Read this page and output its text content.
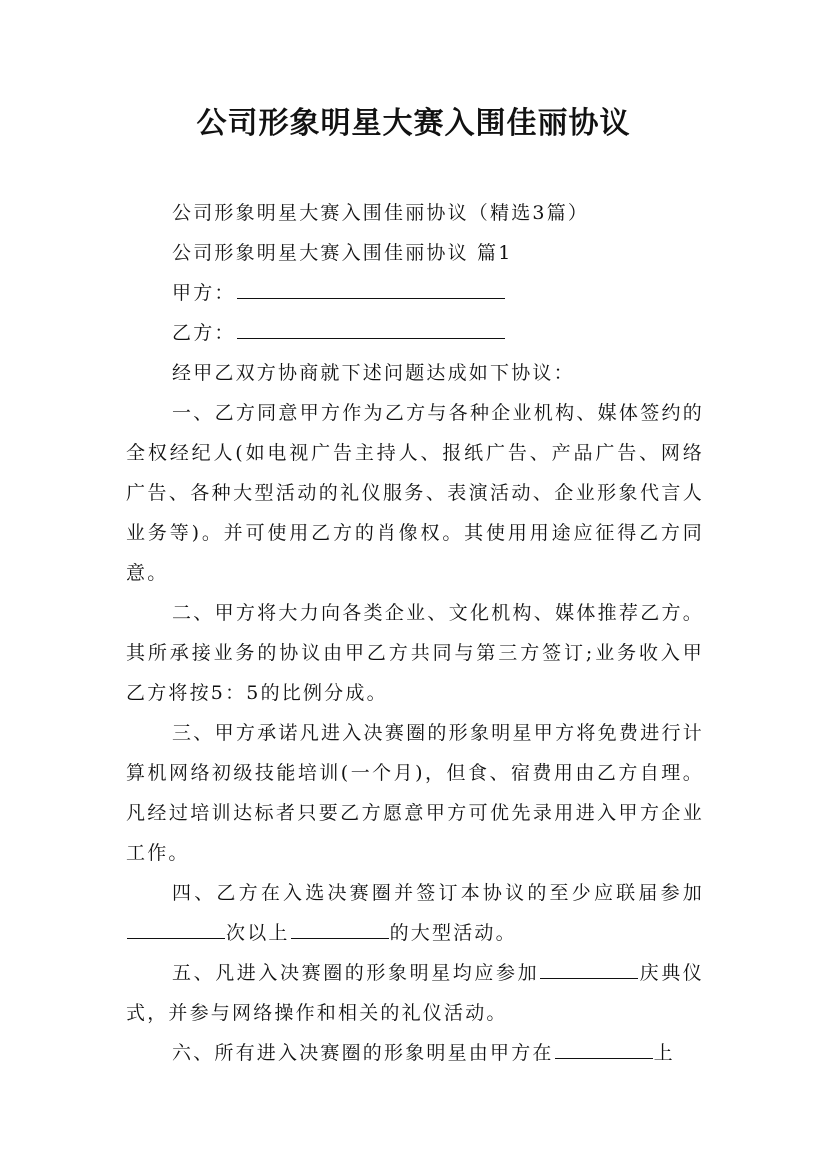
公司形象明星大赛入围佳丽协议

公司形象明星大赛入围佳丽协议（精选3篇）

公司形象明星大赛入围佳丽协议 篇1

甲方：

乙方：

经甲乙双方协商就下述问题达成如下协议：

一、乙方同意甲方作为乙方与各种企业机构、媒体签约的全权经纪人(如电视广告主持人、报纸广告、产品广告、网络广告、各种大型活动的礼仪服务、表演活动、企业形象代言人业务等)。并可使用乙方的肖像权。其使用用途应征得乙方同意。

二、甲方将大力向各类企业、文化机构、媒体推荐乙方。其所承接业务的协议由甲乙方共同与第三方签订;业务收入甲乙方将按5：5的比例分成。

三、甲方承诺凡进入决赛圈的形象明星甲方将免费进行计算机网络初级技能培训(一个月)，但食、宿费用由乙方自理。凡经过培训达标者只要乙方愿意甲方可优先录用进入甲方企业工作。

四、乙方在入选决赛圈并签订本协议的至少应联届参加次以上	的大型活动。

五、凡进入决赛圈的形象明星均应参加	庆典仪式，并参与网络操作和相关的礼仪活动。

六、所有进入决赛圈的形象明星由甲方在	上
